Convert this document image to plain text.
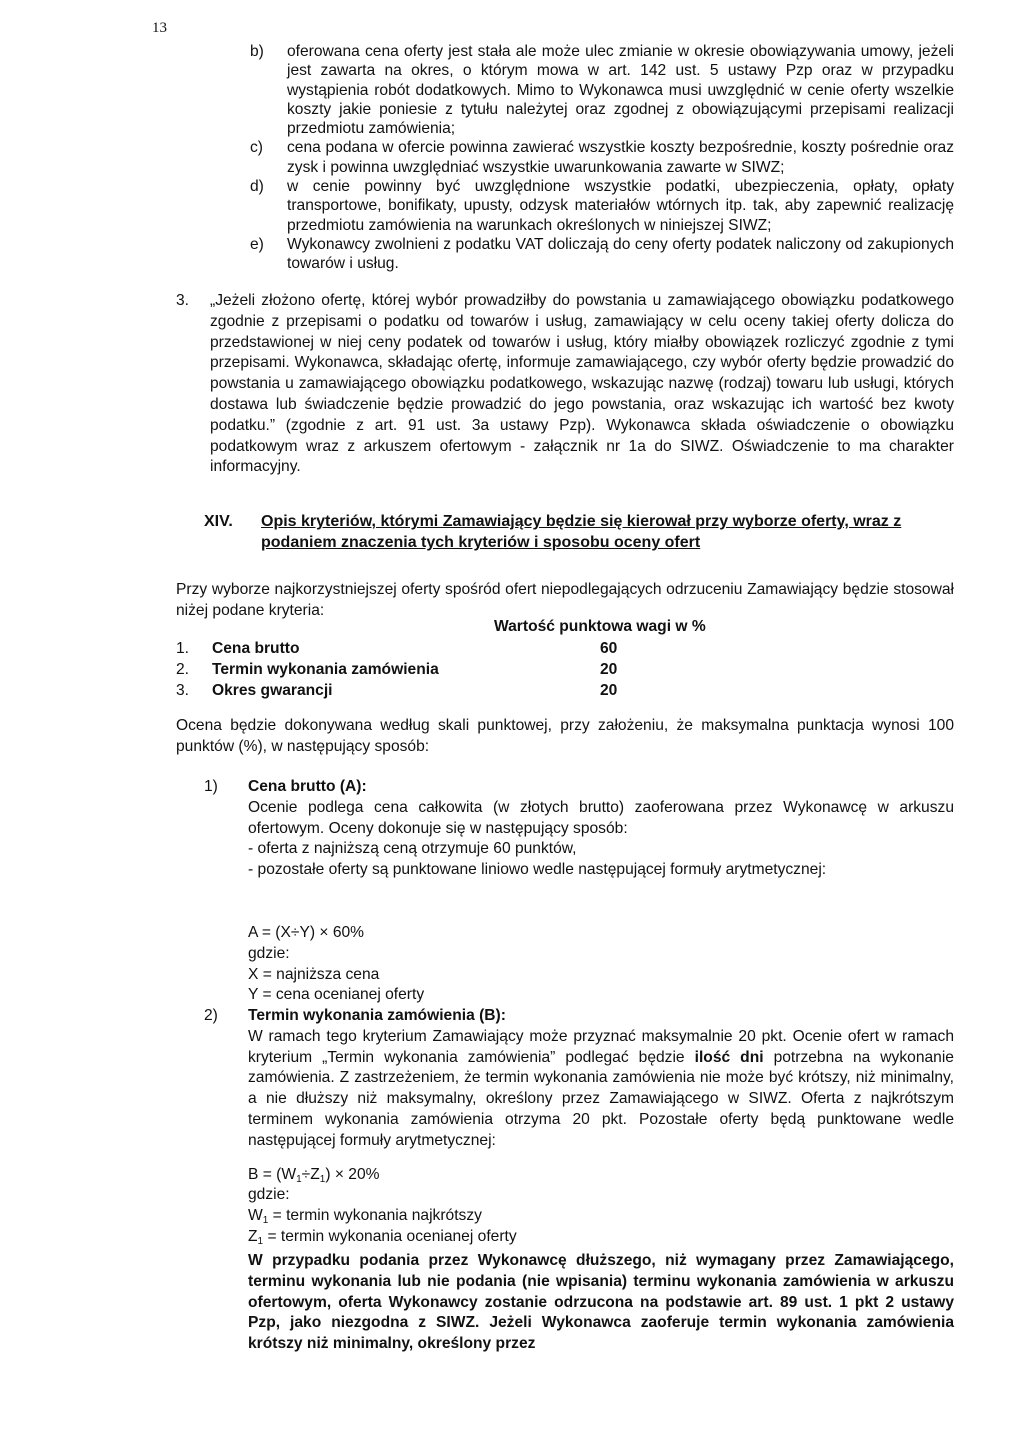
13

b) oferowana cena oferty jest stała ale może ulec zmianie w okresie obowiązywania umowy, jeżeli jest zawarta na okres, o którym mowa w art. 142 ust. 5 ustawy Pzp oraz w przypadku wystąpienia robót dodatkowych. Mimo to Wykonawca musi uwzględnić w cenie oferty wszelkie koszty jakie poniesie z tytułu należytej oraz zgodnej z obowiązującymi przepisami realizacji przedmiotu zamówienia;

c) cena podana w ofercie powinna zawierać wszystkie koszty bezpośrednie, koszty pośrednie oraz zysk i powinna uwzględniać wszystkie uwarunkowania zawarte w SIWZ;

d) w cenie powinny być uwzględnione wszystkie podatki, ubezpieczenia, opłaty, opłaty transportowe, bonifikaty, upusty, odzysk materiałów wtórnych itp. tak, aby zapewnić realizację przedmiotu zamówienia na warunkach określonych w niniejszej SIWZ;

e) Wykonawcy zwolnieni z podatku VAT doliczają do ceny oferty podatek naliczony od zakupionych towarów i usług.

3. „Jeżeli złożono ofertę, której wybór prowadziłby do powstania u zamawiającego obowiązku podatkowego zgodnie z przepisami o podatku od towarów i usług, zamawiający w celu oceny takiej oferty dolicza do przedstawionej w niej ceny podatek od towarów i usług, który miałby obowiązek rozliczyć zgodnie z tymi przepisami. Wykonawca, składając ofertę, informuje zamawiającego, czy wybór oferty będzie prowadzić do powstania u zamawiającego obowiązku podatkowego, wskazując nazwę (rodzaj) towaru lub usługi, których dostawa lub świadczenie będzie prowadzić do jego powstania, oraz wskazując ich wartość bez kwoty podatku.” (zgodnie z art. 91 ust. 3a ustawy Pzp). Wykonawca składa oświadczenie o obowiązku podatkowym wraz z arkuszem ofertowym - załącznik nr 1a do SIWZ. Oświadczenie to ma charakter informacyjny.
XIV. Opis kryteriów, którymi Zamawiający będzie się kierował przy wyborze oferty, wraz z podaniem znaczenia tych kryteriów i sposobu oceny ofert
Przy wyborze najkorzystniejszej oferty spośród ofert niepodlegających odrzuceniu Zamawiający będzie stosował niżej podane kryteria:
Wartość punktowa wagi w %
1. Cena brutto	60
2. Termin wykonania zamówienia	20
3. Okres gwarancji	20
Ocena będzie dokonywana według skali punktowej, przy założeniu, że maksymalna punktacja wynosi 100 punktów (%), w następujący sposób:
1) Cena brutto (A):
Ocenie podlega cena całkowita (w złotych brutto) zaoferowana przez Wykonawcę w arkuszu ofertowym. Oceny dokonuje się w następujący sposób:
- oferta z najniższą ceną otrzymuje 60 punktów,
- pozostałe oferty są punktowane liniowo wedle następującej formuły arytmetycznej:
A = (X÷Y) × 60%
gdzie:
X = najniższa cena
Y = cena ocenianej oferty
2) Termin wykonania zamówienia (B):
W ramach tego kryterium Zamawiający może przyznać maksymalnie 20 pkt. Ocenie ofert w ramach kryterium „Termin wykonania zamówienia” podlegać będzie ilość dni potrzebna na wykonanie zamówienia. Z zastrzeżeniem, że termin wykonania zamówienia nie może być krótszy, niż minimalny, a nie dłuższy niż maksymalny, określony przez Zamawiającego w SIWZ. Oferta z najkrótszym terminem wykonania zamówienia otrzyma 20 pkt. Pozostałe oferty będą punktowane wedle następującej formuły arytmetycznej:
$B = (W_1\div Z_1) \times 20\%$
gdzie:
$W_1 = termin$ wykonania najkrótszy
$Z_1 = termin$ wykonania ocenianej oferty
W przypadku podania przez Wykonawcę dłuższego, niż wymagany przez Zamawiającego, terminu wykonania lub nie podania (nie wpisania) terminu wykonania zamówienia w arkuszu ofertowym, oferta Wykonawcy zostanie odrzucona na podstawie art. 89 ust. 1 pkt 2 ustawy Pzp, jako niezgodna z SIWZ. Jeżeli Wykonawca zaoferuje termin wykonania zamówienia krótszy niż minimalny, określony przez
